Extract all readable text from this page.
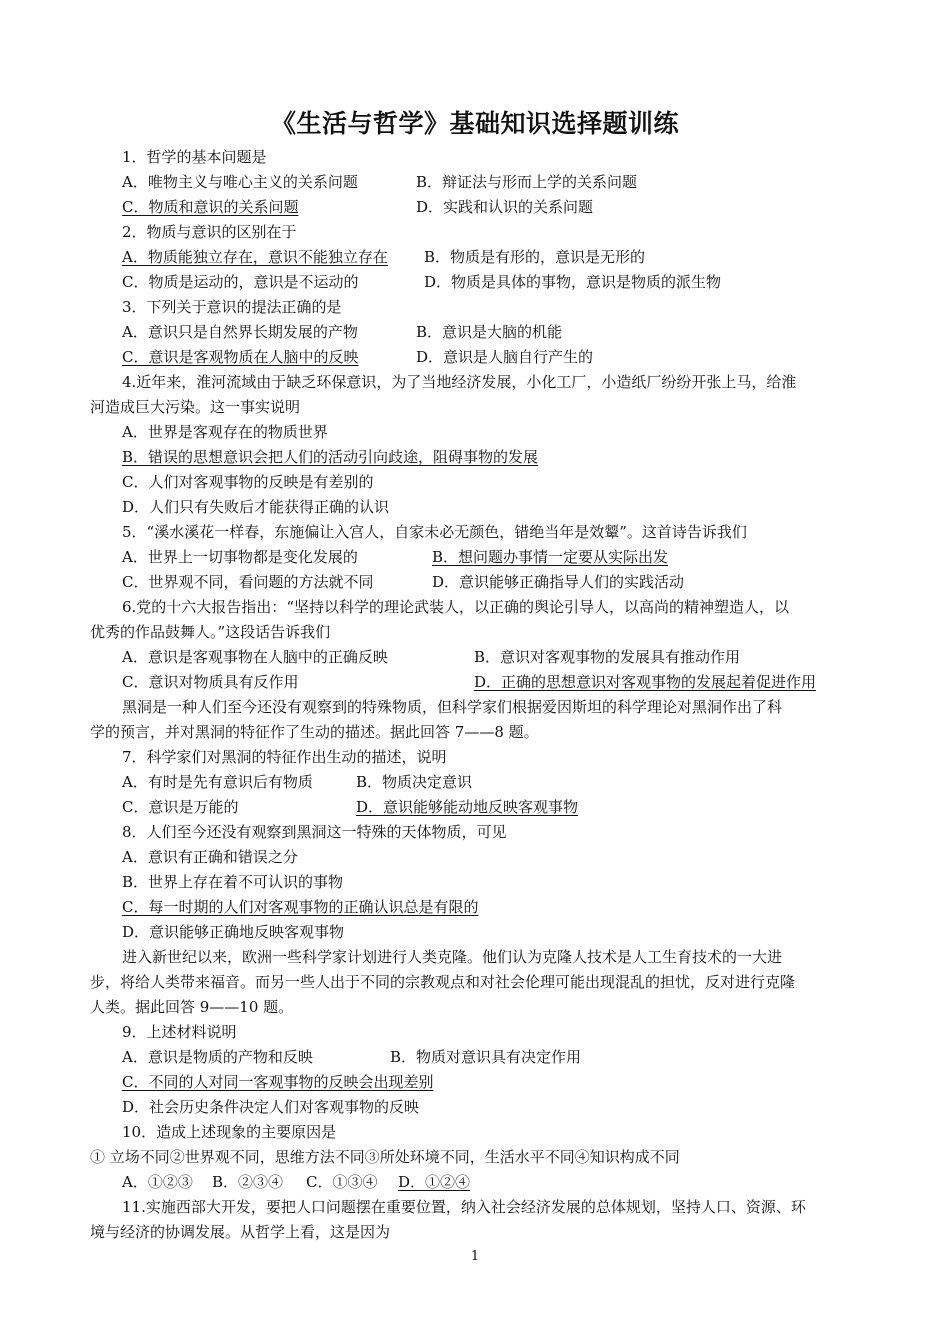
《生活与哲学》基础知识选择题训练
1．哲学的基本问题是
A．唯物主义与唯心主义的关系问题	B．辩证法与形而上学的关系问题
C．物质和意识的关系问题	D．实践和认识的关系问题
2．物质与意识的区别在于
A．物质能独立存在，意识不能独立存在 B．物质是有形的，意识是无形的
C．物质是运动的，意识是不运动的	D．物质是具体的事物，意识是物质的派生物
3．下列关于意识的提法正确的是
A．意识只是自然界长期发展的产物	B．意识是大脑的机能
C．意识是客观物质在人脑中的反映	D．意识是人脑自行产生的
4.近年来，淮河流域由于缺乏环保意识，为了当地经济发展，小化工厂，小造纸厂纷纷开张上马，给淮
河造成巨大污染。这一事实说明
A．世界是客观存在的物质世界
B．错误的思想意识会把人们的活动引向歧途，阻碍事物的发展
C．人们对客观事物的反映是有差别的
D．人们只有失败后才能获得正确的认识
5．“溪水溪花一样春，东施偏让入宫人，自家未必无颜色，错绝当年是效颦”。这首诗告诉我们
A．世界上一切事物都是变化发展的	B．想问题办事情一定要从实际出发
C．世界观不同，看问题的方法就不同	D．意识能够正确指导人们的实践活动
6.党的十六大报告指出：“坚持以科学的理论武装人，以正确的舆论引导人，以高尚的精神塑造人，以
优秀的作品鼓舞人。”这段话告诉我们
A．意识是客观事物在人脑中的正确反映	B．意识对客观事物的发展具有推动作用
C．意识对物质具有反作用	D．正确的思想意识对客观事物的发展起着促进作用
黑洞是一种人们至今还没有观察到的特殊物质，但科学家们根据爱因斯坦的科学理论对黑洞作出了科
学的预言，并对黑洞的特征作了生动的描述。据此回答 7——8 题。
7．科学家们对黑洞的特征作出生动的描述，说明
A．有时是先有意识后有物质	B．物质决定意识
C．意识是万能的	D．意识能够能动地反映客观事物
8．人们至今还没有观察到黑洞这一特殊的天体物质，可见
A．意识有正确和错误之分
B．世界上存在着不可认识的事物
C．每一时期的人们对客观事物的正确认识总是有限的
D．意识能够正确地反映客观事物
进入新世纪以来，欧洲一些科学家计划进行人类克隆。他们认为克隆人技术是人工生育技术的一大进
步，将给人类带来福音。而另一些人出于不同的宗教观点和对社会伦理可能出现混乱的担忧，反对进行克隆
人类。据此回答 9——10 题。
9．上述材料说明
A．意识是物质的产物和反映	B．物质对意识具有决定作用
C．不同的人对同一客观事物的反映会出现差别
D．社会历史条件决定人们对客观事物的反映
10．造成上述现象的主要原因是
① 立场不同②世界观不同，思维方法不同③所处环境不同，生活水平不同④知识构成不同
A．①②③ B．②③④ C．①③④ D．①②④
11.实施西部大开发，要把人口问题摆在重要位置，纳入社会经济发展的总体规划，坚持人口、资源、环
境与经济的协调发展。从哲学上看，这是因为
1
